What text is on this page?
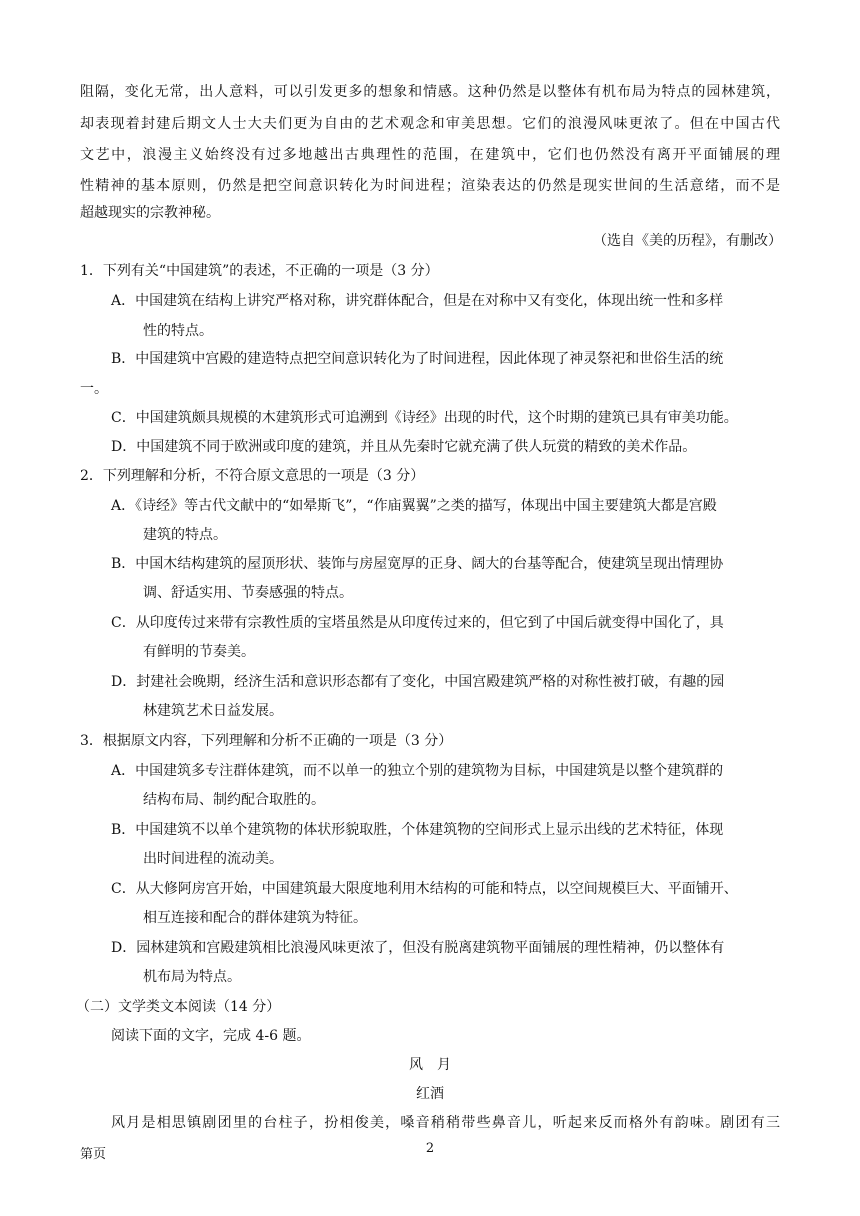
阻隔，变化无常，出人意料，可以引发更多的想象和情感。这种仍然是以整体有机布局为特点的园林建筑，
却表现着封建后期文人士大夫们更为自由的艺术观念和审美思想。它们的浪漫风味更浓了。但在中国古代
文艺中，浪漫主义始终没有过多地越出古典理性的范围，在建筑中，它们也仍然没有离开平面铺展的理
性精神的基本原则，仍然是把空间意识转化为时间进程；渲染表达的仍然是现实世间的生活意绪，而不是
超越现实的宗教神秘。
（选自《美的历程》，有删改）
1．下列有关“中国建筑”的表述，不正确的一项是（3 分）
A．中国建筑在结构上讲究严格对称，讲究群体配合，但是在对称中又有变化，体现出统一性和多样
性的特点。
B．中国建筑中宫殿的建造特点把空间意识转化为了时间进程，因此体现了神灵祭祀和世俗生活的统
一。
C．中国建筑颇具规模的木建筑形式可追溯到《诗经》出现的时代，这个时期的建筑已具有审美功能。
D．中国建筑不同于欧洲或印度的建筑，并且从先秦时它就充满了供人玩赏的精致的美术作品。
2．下列理解和分析，不符合原文意思的一项是（3 分）
A．《诗经》等古代文献中的“如晕斯飞”，“作庙翼翼”之类的描写，体现出中国主要建筑大都是宫殿
建筑的特点。
B．中国木结构建筑的屋顶形状、装饰与房屋宽厚的正身、阔大的台基等配合，使建筑呈现出情理协
调、舒适实用、节奏感强的特点。
C．从印度传过来带有宗教性质的宝塔虽然是从印度传过来的，但它到了中国后就变得中国化了，具
有鲜明的节奏美。
D．封建社会晚期，经济生活和意识形态都有了变化，中国宫殿建筑严格的对称性被打破，有趣的园
林建筑艺术日益发展。
3．根据原文内容，下列理解和分析不正确的一项是（3 分）
A．中国建筑多专注群体建筑，而不以单一的独立个别的建筑物为目标，中国建筑是以整个建筑群的
结构布局、制约配合取胜的。
B．中国建筑不以单个建筑物的体状形貌取胜，个体建筑物的空间形式上显示出线的艺术特征，体现
出时间进程的流动美。
C．从大修阿房宫开始，中国建筑最大限度地利用木结构的可能和特点，以空间规模巨大、平面铺开、
相互连接和配合的群体建筑为特征。
D．园林建筑和宫殿建筑相比浪漫风味更浓了，但没有脱离建筑物平面铺展的理性精神，仍以整体有
机布局为特点。
（二）文学类文本阅读（14 分）
阅读下面的文字，完成 4-6 题。
风　月
红酒
风月是相思镇剧团里的台柱子，扮相俊美，嗓音稍稍带些鼻音儿，听起来反而格外有韵味。剧团有三
第页	2
